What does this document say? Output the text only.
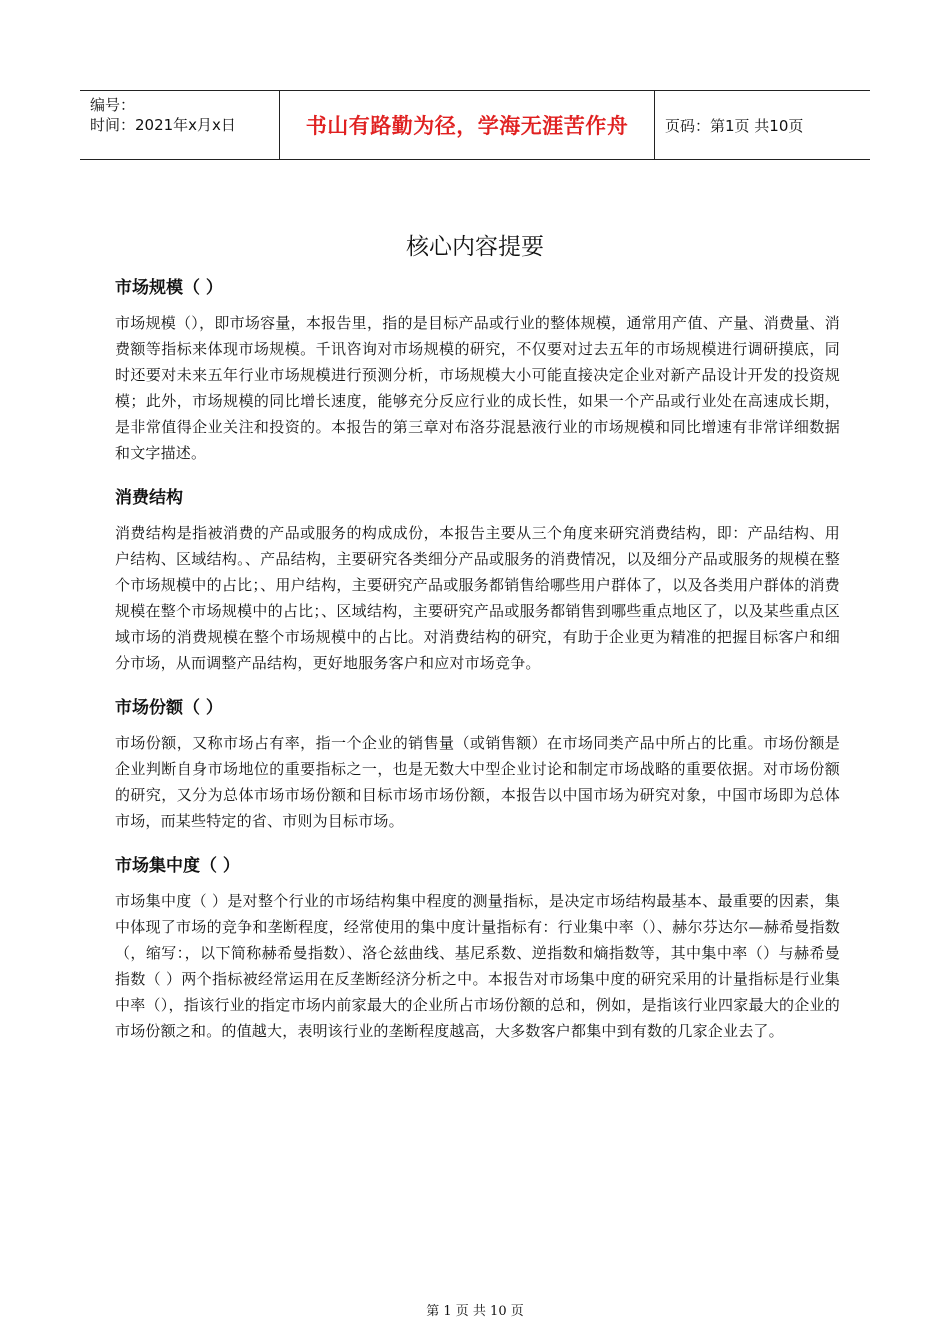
编号：
时间：2021年x月x日	书山有路勤为径，学海无涯苦作舟 页码：第1页 共10页
核心内容提要
市场规模（ ）

市场规模（），即市场容量，本报告里，指的是目标产品或行业的整体规模，通常用产值、产量、消费量、消费额等指标来体现市场规模。千讯咨询对市场规模的研究，不仅要对过去五年的市场规模进行调研摸底，同时还要对未来五年行业市场规模进行预测分析，市场规模大小可能直接决定企业对新产品设计开发的投资规模；此外，市场规模的同比增长速度，能够充分反应行业的成长性，如果一个产品或行业处在高速成长期，是非常值得企业关注和投资的。本报告的第三章对布洛芬混悬液行业的市场规模和同比增速有非常详细数据和文字描述。

消费结构

消费结构是指被消费的产品或服务的构成成份，本报告主要从三个角度来研究消费结构，即：产品结构、用户结构、区域结构。、产品结构，主要研究各类细分产品或服务的消费情况，以及细分产品或服务的规模在整个市场规模中的占比；、用户结构，主要研究产品或服务都销售给哪些用户群体了，以及各类用户群体的消费规模在整个市场规模中的占比；、区域结构，主要研究产品或服务都销售到哪些重点地区了，以及某些重点区域市场的消费规模在整个市场规模中的占比。对消费结构的研究，有助于企业更为精准的把握目标客户和细分市场，从而调整产品结构，更好地服务客户和应对市场竞争。

市场份额（ ）

市场份额，又称市场占有率，指一个企业的销售量（或销售额）在市场同类产品中所占的比重。市场份额是企业判断自身市场地位的重要指标之一，也是无数大中型企业讨论和制定市场战略的重要依据。对市场份额的研究，又分为总体市场市场份额和目标市场市场份额，本报告以中国市场为研究对象，中国市场即为总体市场，而某些特定的省、市则为目标市场。

市场集中度（ ）

市场集中度（ ）是对整个行业的市场结构集中程度的测量指标，是决定市场结构最基本、最重要的因素，集中体现了市场的竞争和垄断程度，经常使用的集中度计量指标有：行业集中率（）、赫尔芬达尔—赫希曼指数（，缩写：，以下简称赫希曼指数）、洛仑兹曲线、基尼系数、逆指数和熵指数等，其中集中率（）与赫希曼指数（ ）两个指标被经常运用在反垄断经济分析之中。本报告对市场集中度的研究采用的计量指标是行业集中率（），指该行业的指定市场内前家最大的企业所占市场份额的总和，例如，是指该行业四家最大的企业的市场份额之和。的值越大，表明该行业的垄断程度越高，大多数客户都集中到有数的几家企业去了。

第 1 页 共 10 页
